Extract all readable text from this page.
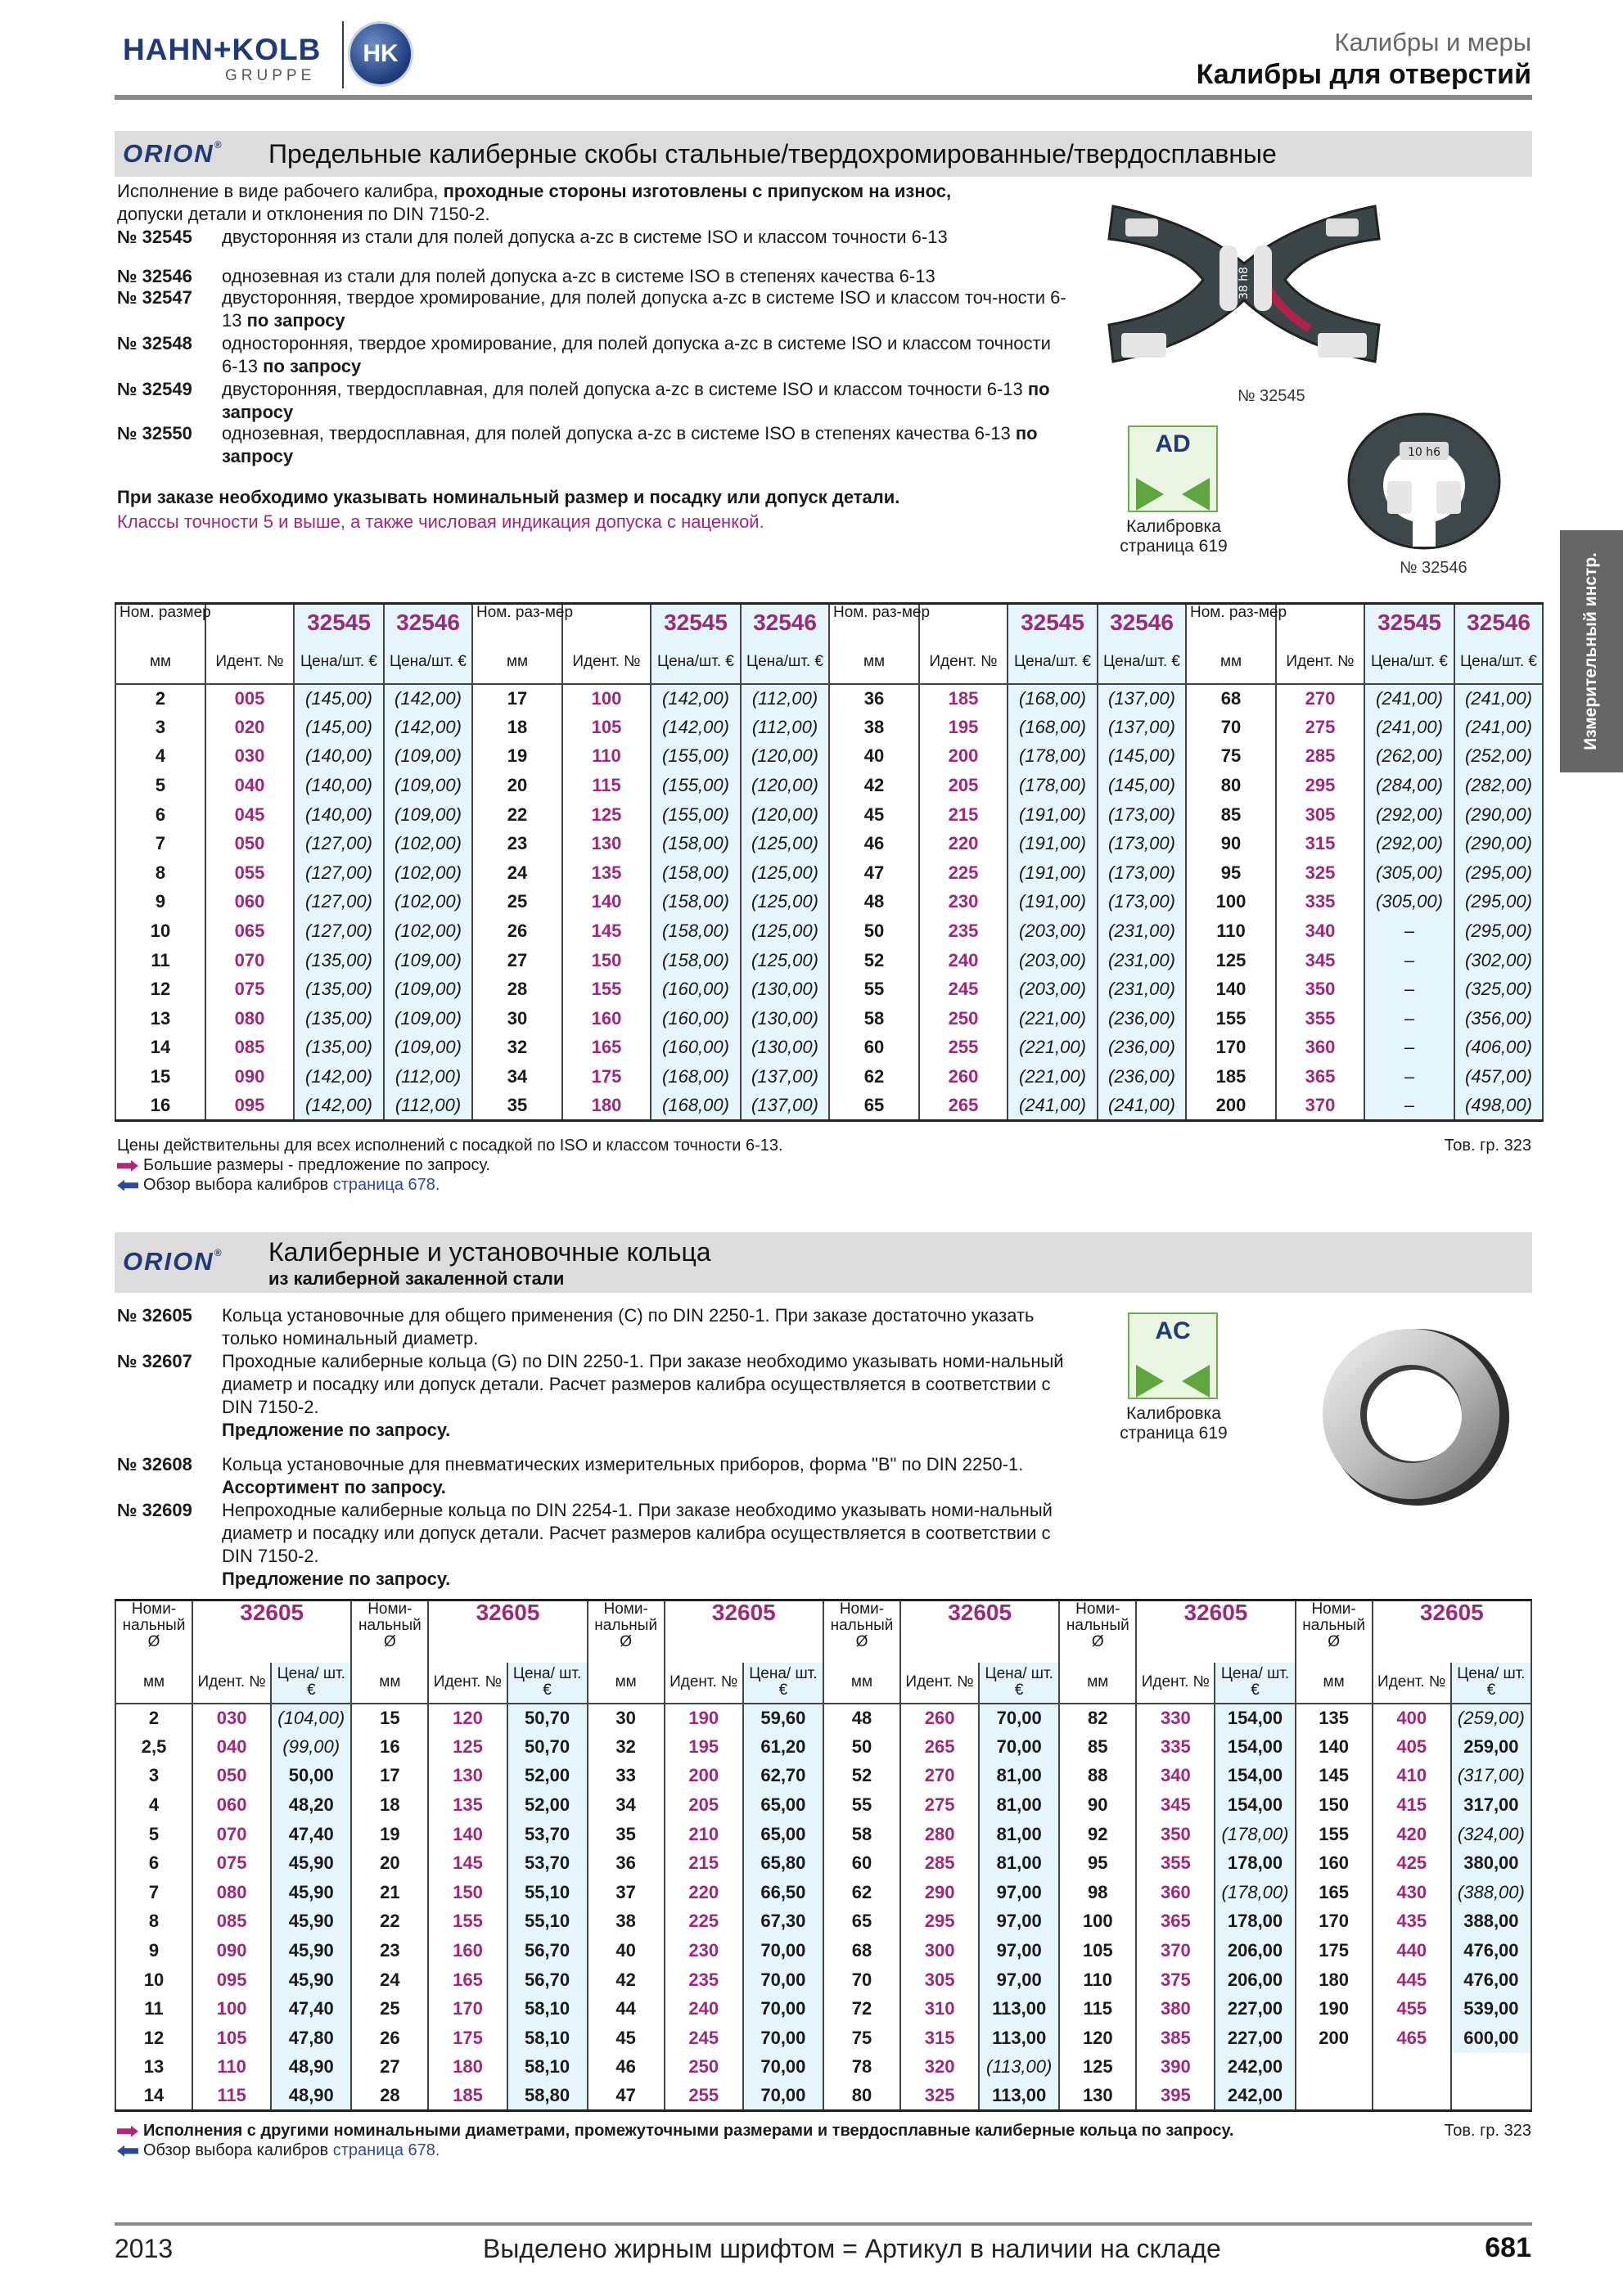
HAHN+KOLB
GRUPPE
HK	Калибры и меры
Калибры для отверстий
Измерительный инстр.
ORION® Предельные калиберные скобы стальные/твердохромированные/твердосплавные
Исполнение в виде рабочего калибра, проходные стороны изготовлены с припуском на износ,
допуски детали и отклонения по DIN 7150-2.
№ 32545 двусторонняя из стали для полей допуска a-zc в системе ISO и классом точности 6-13
№ 32546 однозевная из стали для полей допуска a-zc в системе ISO в степенях качества 6-13
№ 32547 двусторонняя, твердое хромирование, для полей допуска a-zc в системе ISO и классом точ-ности 6-13 по запросу
№ 32548 односторонняя, твердое хромирование, для полей допуска a-zc в системе ISO и классом точности 6-13 по запросу
№ 32549 двусторонняя, твердосплавная, для полей допуска a-zc в системе ISO и классом точности 6-13 по запросу
№ 32550 однозевная, твердосплавная, для полей допуска a-zc в системе ISO в степенях качества 6-13 по запросу
При заказе необходимо указывать номинальный размер и посадку или допуск детали.
Классы точности 5 и выше, а также числовая индикация допуска с наценкой.
38 h8
№ 32545
10 h6
№ 32546
AD
Калибровка
страница 619
Ном. размер		32545	32546	Ном. раз-мер		32545	32546	Ном. раз-мер		32545	32546	Ном. раз-мер		32545	32546
мм	Идент. №	Цена/шт. €	Цена/шт. €	мм	Идент. №	Цена/шт. €	Цена/шт. €	мм	Идент. №	Цена/шт. €	Цена/шт. €	мм	Идент. №	Цена/шт. €	Цена/шт. €
2	005	(145,00)	(142,00)	17	100	(142,00)	(112,00)	36	185	(168,00)	(137,00)	68	270	(241,00)	(241,00)
3	020	(145,00)	(142,00)	18	105	(142,00)	(112,00)	38	195	(168,00)	(137,00)	70	275	(241,00)	(241,00)
4	030	(140,00)	(109,00)	19	110	(155,00)	(120,00)	40	200	(178,00)	(145,00)	75	285	(262,00)	(252,00)
5	040	(140,00)	(109,00)	20	115	(155,00)	(120,00)	42	205	(178,00)	(145,00)	80	295	(284,00)	(282,00)
6	045	(140,00)	(109,00)	22	125	(155,00)	(120,00)	45	215	(191,00)	(173,00)	85	305	(292,00)	(290,00)
7	050	(127,00)	(102,00)	23	130	(158,00)	(125,00)	46	220	(191,00)	(173,00)	90	315	(292,00)	(290,00)
8	055	(127,00)	(102,00)	24	135	(158,00)	(125,00)	47	225	(191,00)	(173,00)	95	325	(305,00)	(295,00)
9	060	(127,00)	(102,00)	25	140	(158,00)	(125,00)	48	230	(191,00)	(173,00)	100	335	(305,00)	(295,00)
10	065	(127,00)	(102,00)	26	145	(158,00)	(125,00)	50	235	(203,00)	(231,00)	110	340	–	(295,00)
11	070	(135,00)	(109,00)	27	150	(158,00)	(125,00)	52	240	(203,00)	(231,00)	125	345	–	(302,00)
12	075	(135,00)	(109,00)	28	155	(160,00)	(130,00)	55	245	(203,00)	(231,00)	140	350	–	(325,00)
13	080	(135,00)	(109,00)	30	160	(160,00)	(130,00)	58	250	(221,00)	(236,00)	155	355	–	(356,00)
14	085	(135,00)	(109,00)	32	165	(160,00)	(130,00)	60	255	(221,00)	(236,00)	170	360	–	(406,00)
15	090	(142,00)	(112,00)	34	175	(168,00)	(137,00)	62	260	(221,00)	(236,00)	185	365	–	(457,00)
16	095	(142,00)	(112,00)	35	180	(168,00)	(137,00)	65	265	(241,00)	(241,00)	200	370	–	(498,00)
Цены действительны для всех исполнений с посадкой по ISO и классом точности 6-13.	Тов. гр. 323
Большие размеры - предложение по запросу.
Обзор выбора калибров страница 678.
ORION® Калиберные и установочные кольца
из калиберной закаленной стали
№ 32605 Кольца установочные для общего применения (С) по DIN 2250-1. При заказе достаточно указать только номинальный диаметр.
№ 32607 Проходные калиберные кольца (G) по DIN 2250-1. При заказе необходимо указывать номи-нальный диаметр и посадку или допуск детали. Расчет размеров калибра осуществляется в соответствии с DIN 7150-2.
Предложение по запросу.
№ 32608 Кольца установочные для пневматических измерительных приборов, форма "В" по DIN 2250-1. Ассортимент по запросу.
№ 32609 Непроходные калиберные кольца по DIN 2254-1. При заказе необходимо указывать номи-нальный диаметр и посадку или допуск детали. Расчет размеров калибра осуществляется в соответствии с DIN 7150-2.
Предложение по запросу.
AC
Калибровка
страница 619
Номи-нальный Ø	32605		Номи-нальный Ø	32605		Номи-нальный Ø	32605		Номи-нальный Ø	32605		Номи-нальный Ø	32605		Номи-нальный Ø	32605	
мм	Идент. №	Цена/ шт. €	мм	Идент. №	Цена/ шт. €	мм	Идент. №	Цена/ шт. €	мм	Идент. №	Цена/ шт. €	мм	Идент. №	Цена/ шт. €	мм	Идент. №	Цена/ шт. €
2	030	(104,00)	15	120	50,70	30	190	59,60	48	260	70,00	82	330	154,00	135	400	(259,00)
2,5	040	(99,00)	16	125	50,70	32	195	61,20	50	265	70,00	85	335	154,00	140	405	259,00
3	050	50,00	17	130	52,00	33	200	62,70	52	270	81,00	88	340	154,00	145	410	(317,00)
4	060	48,20	18	135	52,00	34	205	65,00	55	275	81,00	90	345	154,00	150	415	317,00
5	070	47,40	19	140	53,70	35	210	65,00	58	280	81,00	92	350	(178,00)	155	420	(324,00)
6	075	45,90	20	145	53,70	36	215	65,80	60	285	81,00	95	355	178,00	160	425	380,00
7	080	45,90	21	150	55,10	37	220	66,50	62	290	97,00	98	360	(178,00)	165	430	(388,00)
8	085	45,90	22	155	55,10	38	225	67,30	65	295	97,00	100	365	178,00	170	435	388,00
9	090	45,90	23	160	56,70	40	230	70,00	68	300	97,00	105	370	206,00	175	440	476,00
10	095	45,90	24	165	56,70	42	235	70,00	70	305	97,00	110	375	206,00	180	445	476,00
11	100	47,40	25	170	58,10	44	240	70,00	72	310	113,00	115	380	227,00	190	455	539,00
12	105	47,80	26	175	58,10	45	245	70,00	75	315	113,00	120	385	227,00	200	465	600,00
13	110	48,90	27	180	58,10	46	250	70,00	78	320	(113,00)	125	390	242,00			
14	115	48,90	28	185	58,80	47	255	70,00	80	325	113,00	130	395	242,00			
Исполнения с другими номинальными диаметрами, промежуточными размерами и твердосплавные калиберные кольца по запросу.	Тов. гр. 323
Обзор выбора калибров страница 678.
2013	Выделено жирным шрифтом = Артикул в наличии на складе	681
